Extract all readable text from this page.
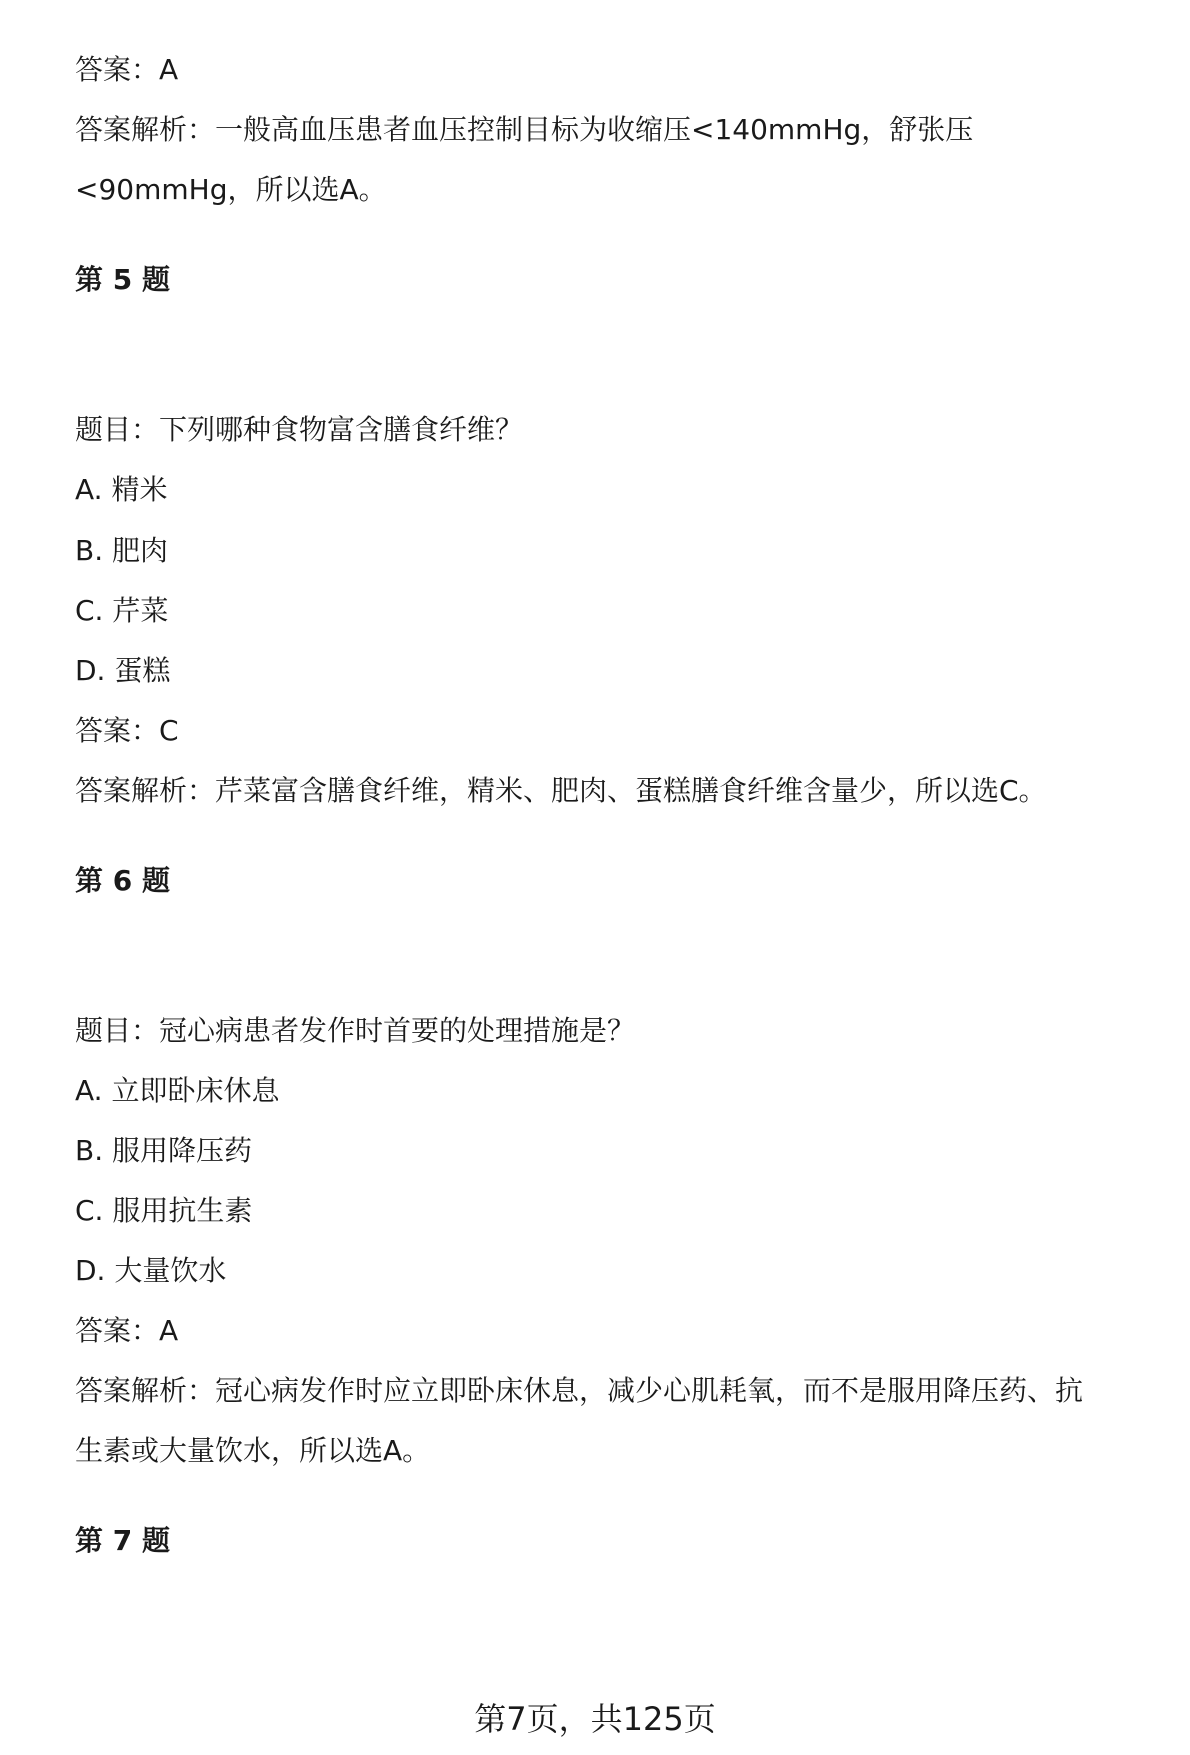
答案：A

答案解析：一般高血压患者血压控制目标为收缩压<140mmHg，舒张压

<90mmHg，所以选A。

第 5 题

题目：下列哪种食物富含膳食纤维？

A. 精米

B. 肥肉

C. 芹菜

D. 蛋糕

答案：C

答案解析：芹菜富含膳食纤维，精米、肥肉、蛋糕膳食纤维含量少，所以选C。

第 6 题

题目：冠心病患者发作时首要的处理措施是？

A. 立即卧床休息

B. 服用降压药

C. 服用抗生素

D. 大量饮水

答案：A

答案解析：冠心病发作时应立即卧床休息，减少心肌耗氧，而不是服用降压药、抗

生素或大量饮水，所以选A。

第 7 题

第7页，共125页
